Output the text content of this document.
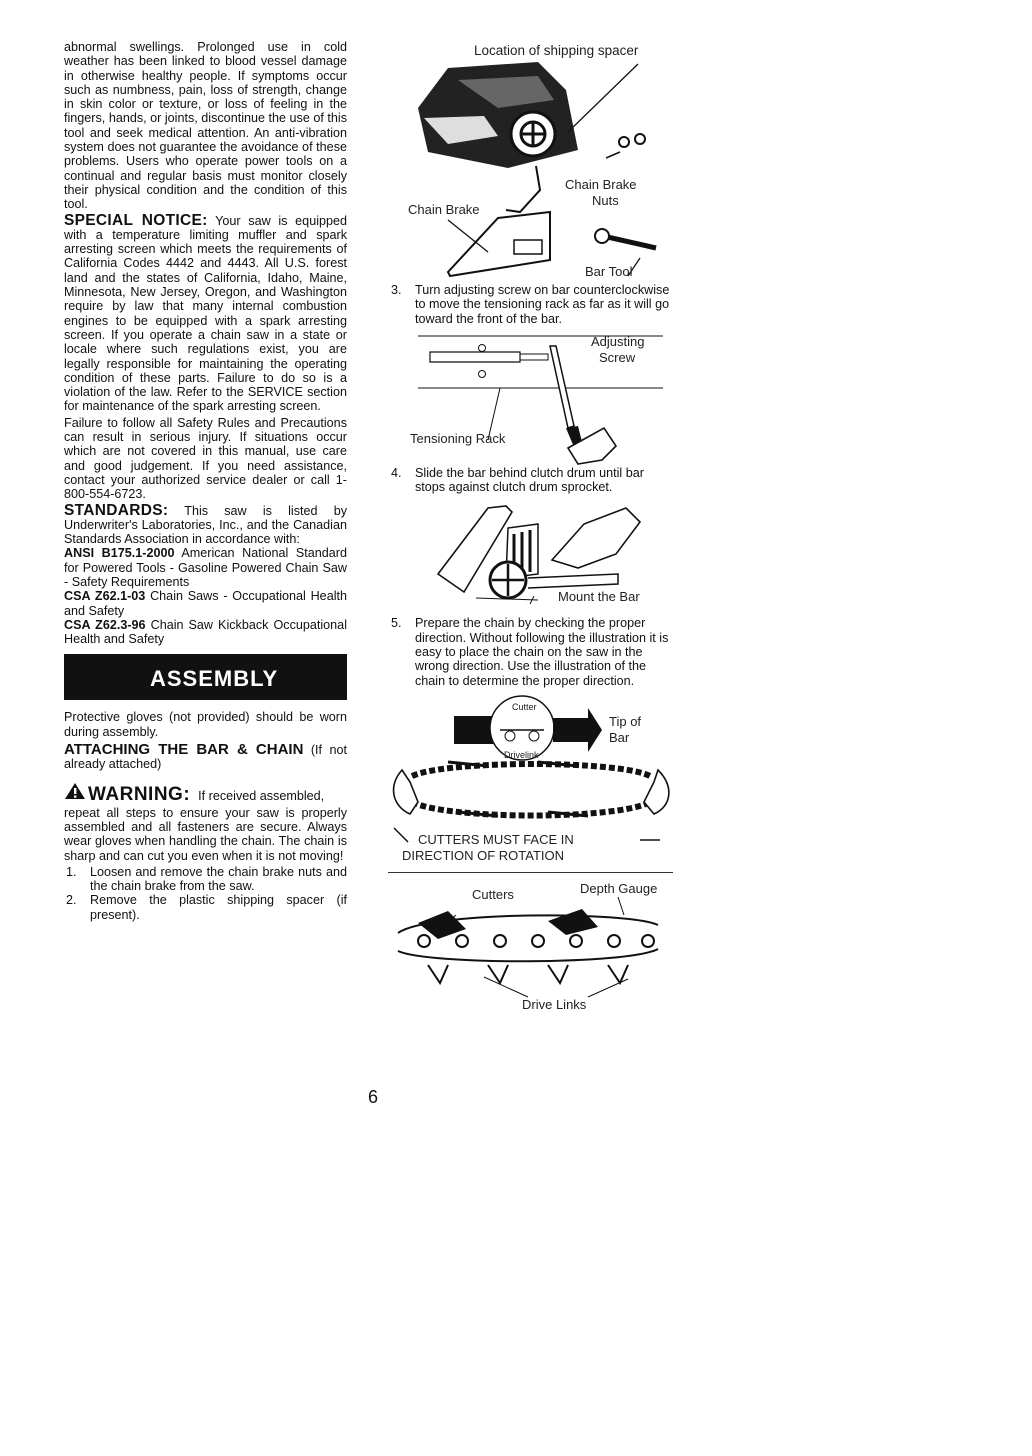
abnormal swellings. Prolonged use in cold weather has been linked to blood vessel damage in otherwise healthy people. If symptoms occur such as numbness, pain, loss of strength, change in skin color or texture, or loss of feeling in the fingers, hands, or joints, discontinue the use of this tool and seek medical attention. An anti-vibration system does not guarantee the avoidance of these problems. Users who operate power tools on a continual and regular basis must monitor closely their physical condition and the condition of this tool.

SPECIAL NOTICE: Your saw is equipped with a temperature limiting muffler and spark arresting screen which meets the requirements of California Codes 4442 and 4443. All U.S. forest land and the states of California, Idaho, Maine, Minnesota, New Jersey, Oregon, and Washington require by law that many internal combustion engines to be equipped with a spark arresting screen. If you operate a chain saw in a state or locale where such regulations exist, you are legally responsible for maintaining the operating condition of these parts. Failure to do so is a violation of the law. Refer to the SERVICE section for maintenance of the spark arresting screen.

Failure to follow all Safety Rules and Precautions can result in serious injury. If situations occur which are not covered in this manual, use care and good judgement. If you need assistance, contact your authorized service dealer or call 1-800-554-6723.

STANDARDS: This saw is listed by Underwriter's Laboratories, Inc., and the Canadian Standards Association in accordance with:

ANSI B175.1-2000 American National Standard for Powered Tools - Gasoline Powered Chain Saw - Safety Requirements

CSA Z62.1-03 Chain Saws - Occupational Health and Safety

CSA Z62.3-96 Chain Saw Kickback Occupational Health and Safety

ASSEMBLY

Protective gloves (not provided) should be worn during assembly.

ATTACHING THE BAR & CHAIN (If not already attached)

WARNING: If received assembled,

repeat all steps to ensure your saw is properly assembled and all fasteners are secure. Always wear gloves when handling the chain. The chain is sharp and can cut you even when it is not moving!

1. Loosen and remove the chain brake nuts and the chain brake from the saw.
2. Remove the plastic shipping spacer (if present).
Location of shipping spacer
Chain Brake
Nuts
Chain Brake
Bar Tool
3. Turn adjusting screw on bar counterclockwise to move the tensioning rack as far as it will go toward the front of the bar.
Adjusting
Screw
Tensioning Rack
4. Slide the bar behind clutch drum until bar stops against clutch drum sprocket.
Mount the Bar
5. Prepare the chain by checking the proper direction. Without following the illustration it is easy to place the chain on the saw in the wrong direction. Use the illustration of the chain to determine the proper direction.
Cutter
Drivelink
Tip of
Bar
CUTTERS MUST FACE IN
DIRECTION OF ROTATION
Cutters	Depth Gauge
Drive Links
6
